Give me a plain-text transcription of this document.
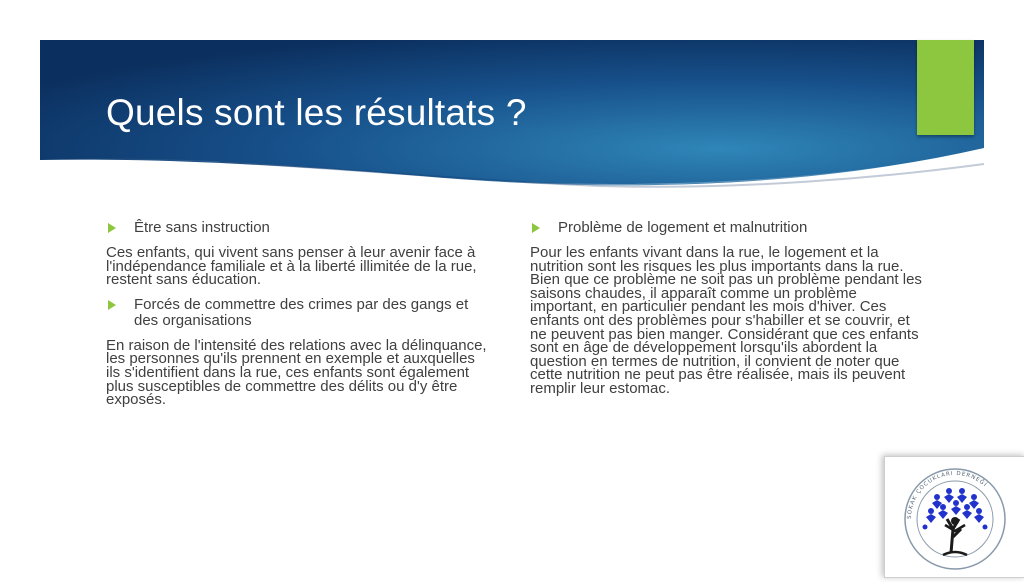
Quels sont les résultats ?
Être sans instruction
Ces enfants, qui vivent sans penser à leur avenir face à l'indépendance familiale et à la liberté illimitée de la rue, restent sans éducation.
Forcés de commettre des crimes par des gangs et des organisations
En raison de l'intensité des relations avec la délinquance, les personnes qu'ils prennent en exemple et auxquelles ils s'identifient dans la rue, ces enfants sont également plus susceptibles de commettre des délits ou d'y être exposés.
Problème de logement et malnutrition
Pour les enfants vivant dans la rue, le logement et la nutrition sont les risques les plus importants dans la rue. Bien que ce problème ne soit pas un problème pendant les saisons chaudes, il apparaît comme un problème important, en particulier pendant les mois d'hiver. Ces enfants ont des problèmes pour s'habiller et se couvrir, et ne peuvent pas bien manger. Considérant que ces enfants sont en âge de développement lorsqu'ils abordent la question en termes de nutrition, il convient de noter que cette nutrition ne peut pas être réalisée, mais ils peuvent remplir leur estomac.
SOKAK ÇOCUKLARI DERNEĞİ
